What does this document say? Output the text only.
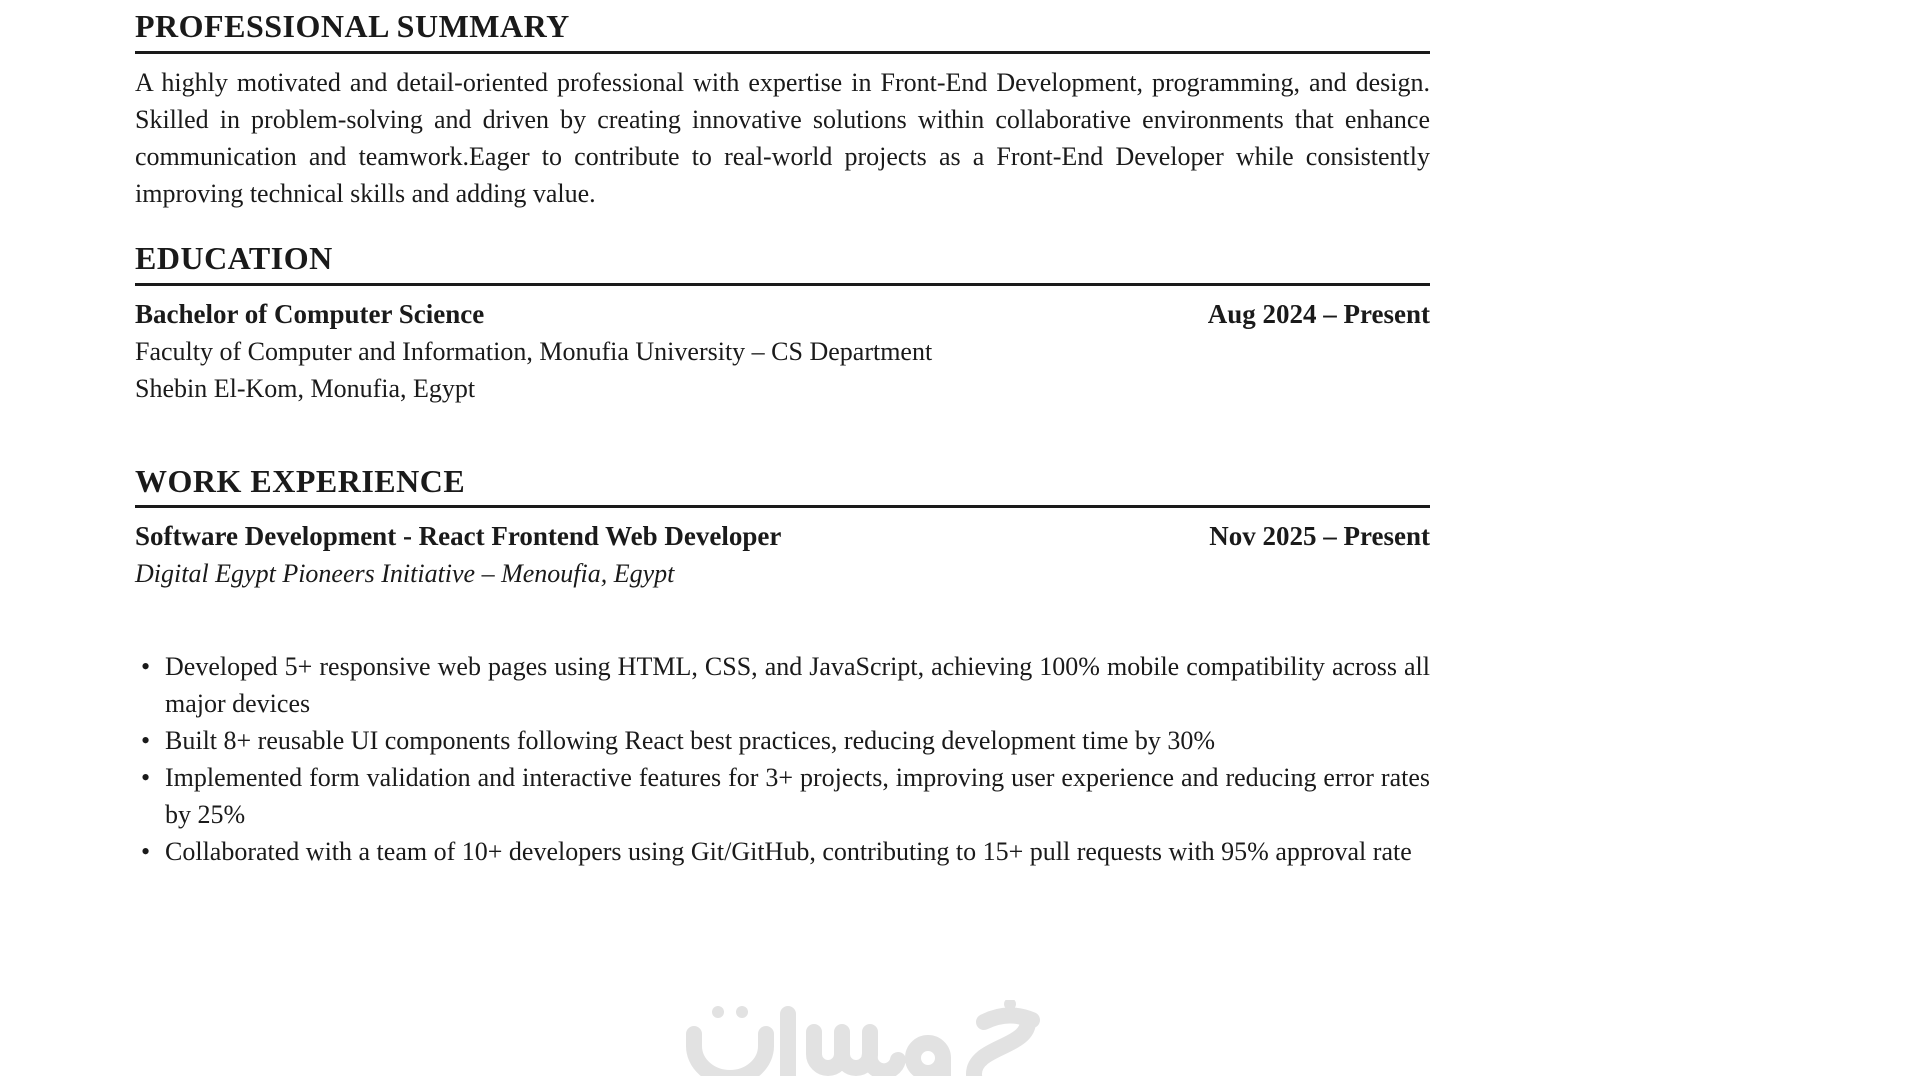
PROFESSIONAL SUMMARY

A highly motivated and detail-oriented professional with expertise in Front-End Development, programming, and design. Skilled in problem-solving and driven by creating innovative solutions within collaborative environments that enhance communication and teamwork.Eager to contribute to real-world projects as a Front-End Developer while consistently improving technical skills and adding value.

EDUCATION
Bachelor of Computer Science	Aug 2024 – Present
Faculty of Computer and Information, Monufia University – CS Department
Shebin El-Kom, Monufia, Egypt
WORK EXPERIENCE
Software Development - React Frontend Web Developer	Nov 2025 – Present
Digital Egypt Pioneers Initiative – Menoufia, Egypt
• Developed 5+ responsive web pages using HTML, CSS, and JavaScript, achieving 100% mobile compatibility across all major devices
• Built 8+ reusable UI components following React best practices, reducing development time by 30%
• Implemented form validation and interactive features for 3+ projects, improving user experience and reducing error rates by 25%
• Collaborated with a team of 10+ developers using Git/GitHub, contributing to 15+ pull requests with 95% approval rate
